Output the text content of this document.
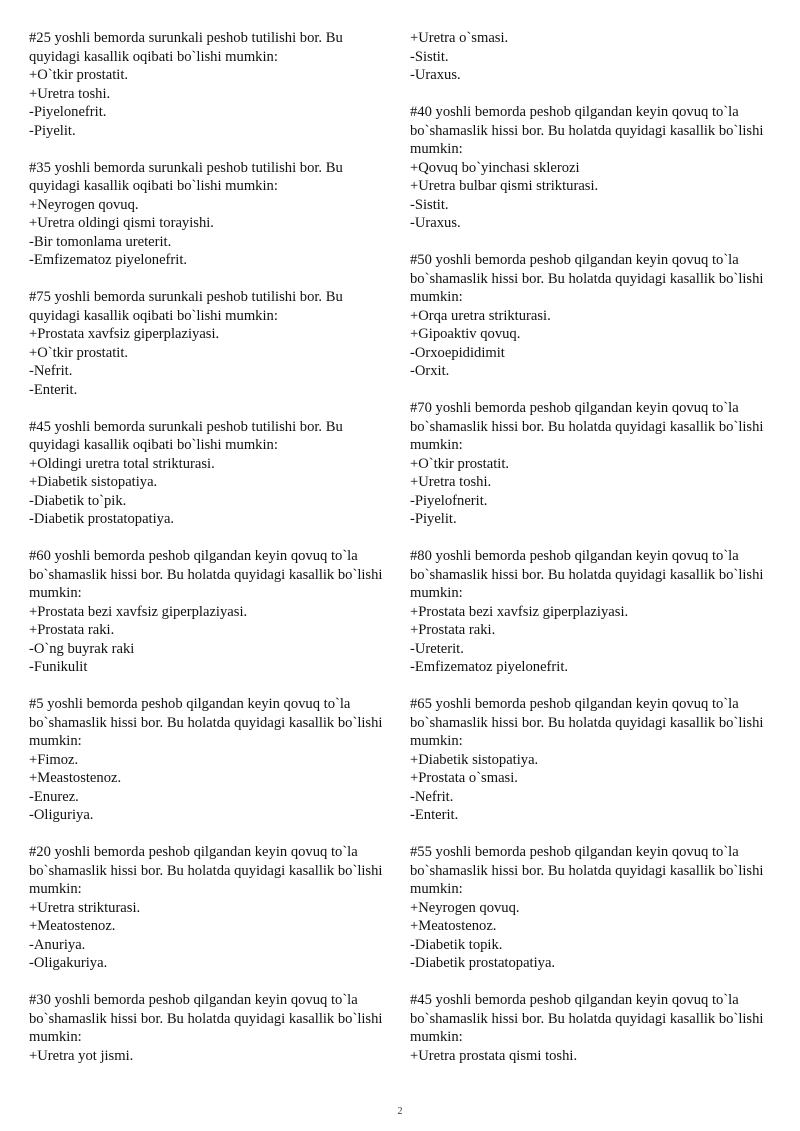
#25 yoshli bemorda surunkali peshob tutilishi bor. Bu quyidagi kasallik oqibati bo`lishi mumkin:

+O`tkir prostatit.

+Uretra toshi.

-Piyelonefrit.

-Piyelit.

#35 yoshli bemorda surunkali peshob tutilishi bor. Bu quyidagi kasallik oqibati bo`lishi mumkin:

+Neyrogen qovuq.

+Uretra oldingi qismi torayishi.

-Bir tomonlama ureterit.

-Emfizematoz piyelonefrit.

#75 yoshli bemorda surunkali peshob tutilishi bor. Bu quyidagi kasallik oqibati bo`lishi mumkin:

+Prostata xavfsiz giperplaziyasi.

+O`tkir prostatit.

-Nefrit.

-Enterit.

#45 yoshli bemorda surunkali peshob tutilishi bor. Bu quyidagi kasallik oqibati bo`lishi mumkin:

+Oldingi uretra total strikturasi.

+Diabetik sistopatiya.

-Diabetik to`pik.

-Diabetik prostatopatiya.

#60 yoshli bemorda peshob qilgandan keyin qovuq to`la bo`shamaslik hissi bor. Bu holatda quyidagi kasallik bo`lishi mumkin:

+Prostata bezi xavfsiz giperplaziyasi.

+Prostata raki.

-O`ng buyrak raki

-Funikulit

#5 yoshli bemorda peshob qilgandan keyin qovuq to`la bo`shamaslik hissi bor. Bu holatda quyidagi kasallik bo`lishi mumkin:

+Fimoz.

+Meastostenoz.

-Enurez.

-Oliguriya.

#20 yoshli bemorda peshob qilgandan keyin qovuq to`la bo`shamaslik hissi bor. Bu holatda quyidagi kasallik bo`lishi mumkin:

+Uretra strikturasi.

+Meatostenoz.

-Anuriya.

-Oligakuriya.

#30 yoshli bemorda peshob qilgandan keyin qovuq to`la bo`shamaslik hissi bor. Bu holatda quyidagi kasallik bo`lishi mumkin:

+Uretra yot jismi.

+Uretra o`smasi.

-Sistit.

-Uraxus.

#40 yoshli bemorda peshob qilgandan keyin qovuq to`la bo`shamaslik hissi bor. Bu holatda quyidagi kasallik bo`lishi mumkin:

+Qovuq bo`yinchasi sklerozi

+Uretra bulbar qismi strikturasi.

-Sistit.

-Uraxus.

#50 yoshli bemorda peshob qilgandan keyin qovuq to`la bo`shamaslik hissi bor. Bu holatda quyidagi kasallik bo`lishi mumkin:

+Orqa uretra strikturasi.

+Gipoaktiv qovuq.

-Orxoepididimit

-Orxit.

#70 yoshli bemorda peshob qilgandan keyin qovuq to`la bo`shamaslik hissi bor. Bu holatda quyidagi kasallik bo`lishi mumkin:

+O`tkir prostatit.

+Uretra toshi.

-Piyelofnerit.

-Piyelit.

#80 yoshli bemorda peshob qilgandan keyin qovuq to`la bo`shamaslik hissi bor. Bu holatda quyidagi kasallik bo`lishi mumkin:

+Prostata bezi xavfsiz giperplaziyasi.

+Prostata raki.

-Ureterit.

-Emfizematoz piyelonefrit.

#65 yoshli bemorda peshob qilgandan keyin qovuq to`la bo`shamaslik hissi bor. Bu holatda quyidagi kasallik bo`lishi mumkin:

+Diabetik sistopatiya.

+Prostata o`smasi.

-Nefrit.

-Enterit.

#55 yoshli bemorda peshob qilgandan keyin qovuq to`la bo`shamaslik hissi bor. Bu holatda quyidagi kasallik bo`lishi mumkin:

+Neyrogen qovuq.

+Meatostenoz.

-Diabetik topik.

-Diabetik prostatopatiya.

#45 yoshli bemorda peshob qilgandan keyin qovuq to`la bo`shamaslik hissi bor. Bu holatda quyidagi kasallik bo`lishi mumkin:

+Uretra prostata qismi toshi.

2
